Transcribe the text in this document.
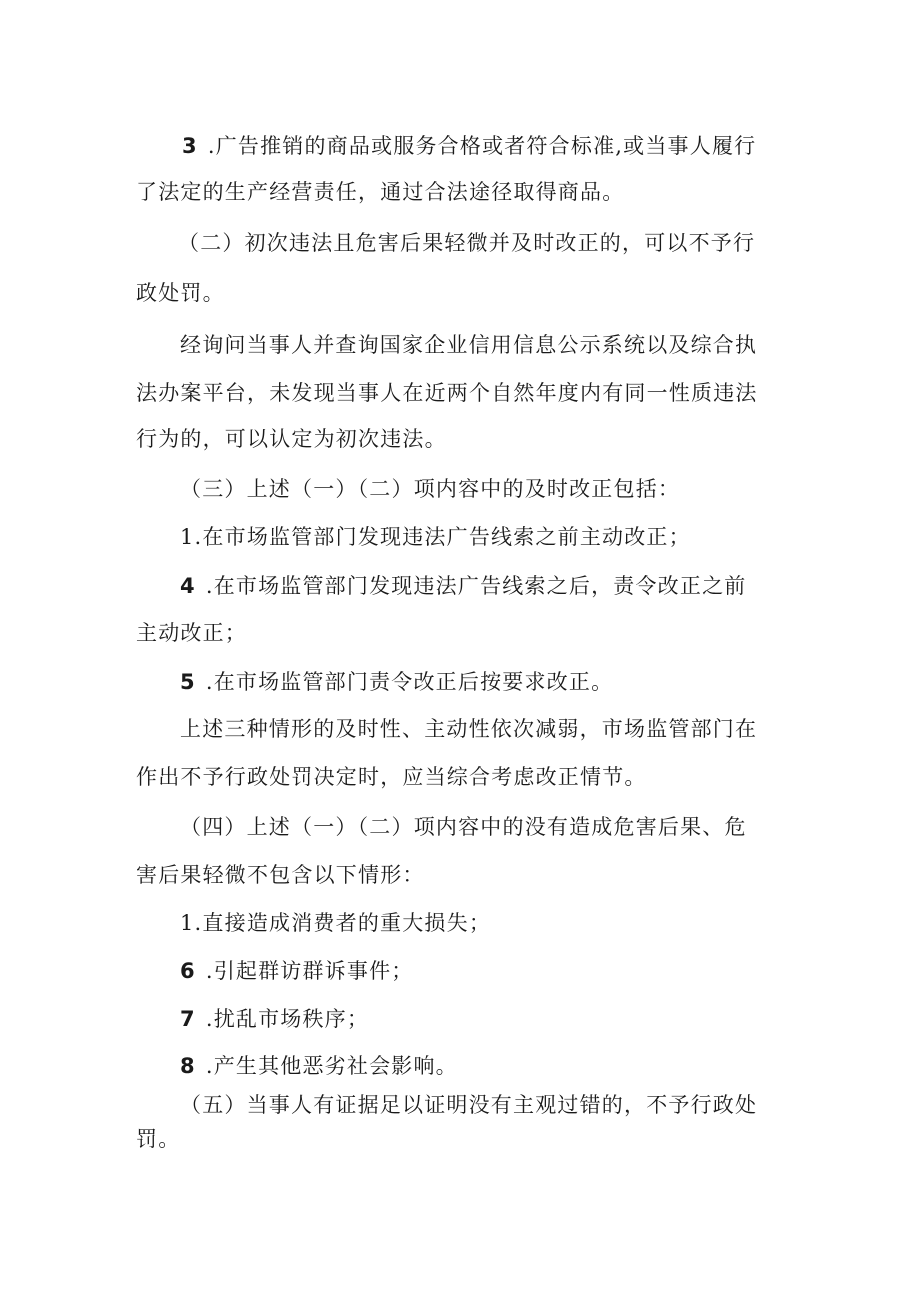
3 .广告推销的商品或服务合格或者符合标准,或当事人履行
了法定的生产经营责任，通过合法途径取得商品。
（二）初次违法且危害后果轻微并及时改正的，可以不予行
政处罚。
经询问当事人并查询国家企业信用信息公示系统以及综合执
法办案平台，未发现当事人在近两个自然年度内有同一性质违法
行为的，可以认定为初次违法。
（三）上述（一）（二）项内容中的及时改正包括：
1.在市场监管部门发现违法广告线索之前主动改正；
4 .在市场监管部门发现违法广告线索之后，责令改正之前
主动改正；
5 .在市场监管部门责令改正后按要求改正。
上述三种情形的及时性、主动性依次减弱，市场监管部门在
作出不予行政处罚决定时，应当综合考虑改正情节。
（四）上述（一）（二）项内容中的没有造成危害后果、危
害后果轻微不包含以下情形：
1.直接造成消费者的重大损失；
6 .引起群访群诉事件；
7 .扰乱市场秩序；
8 .产生其他恶劣社会影响。
（五）当事人有证据足以证明没有主观过错的，不予行政处
罚。
